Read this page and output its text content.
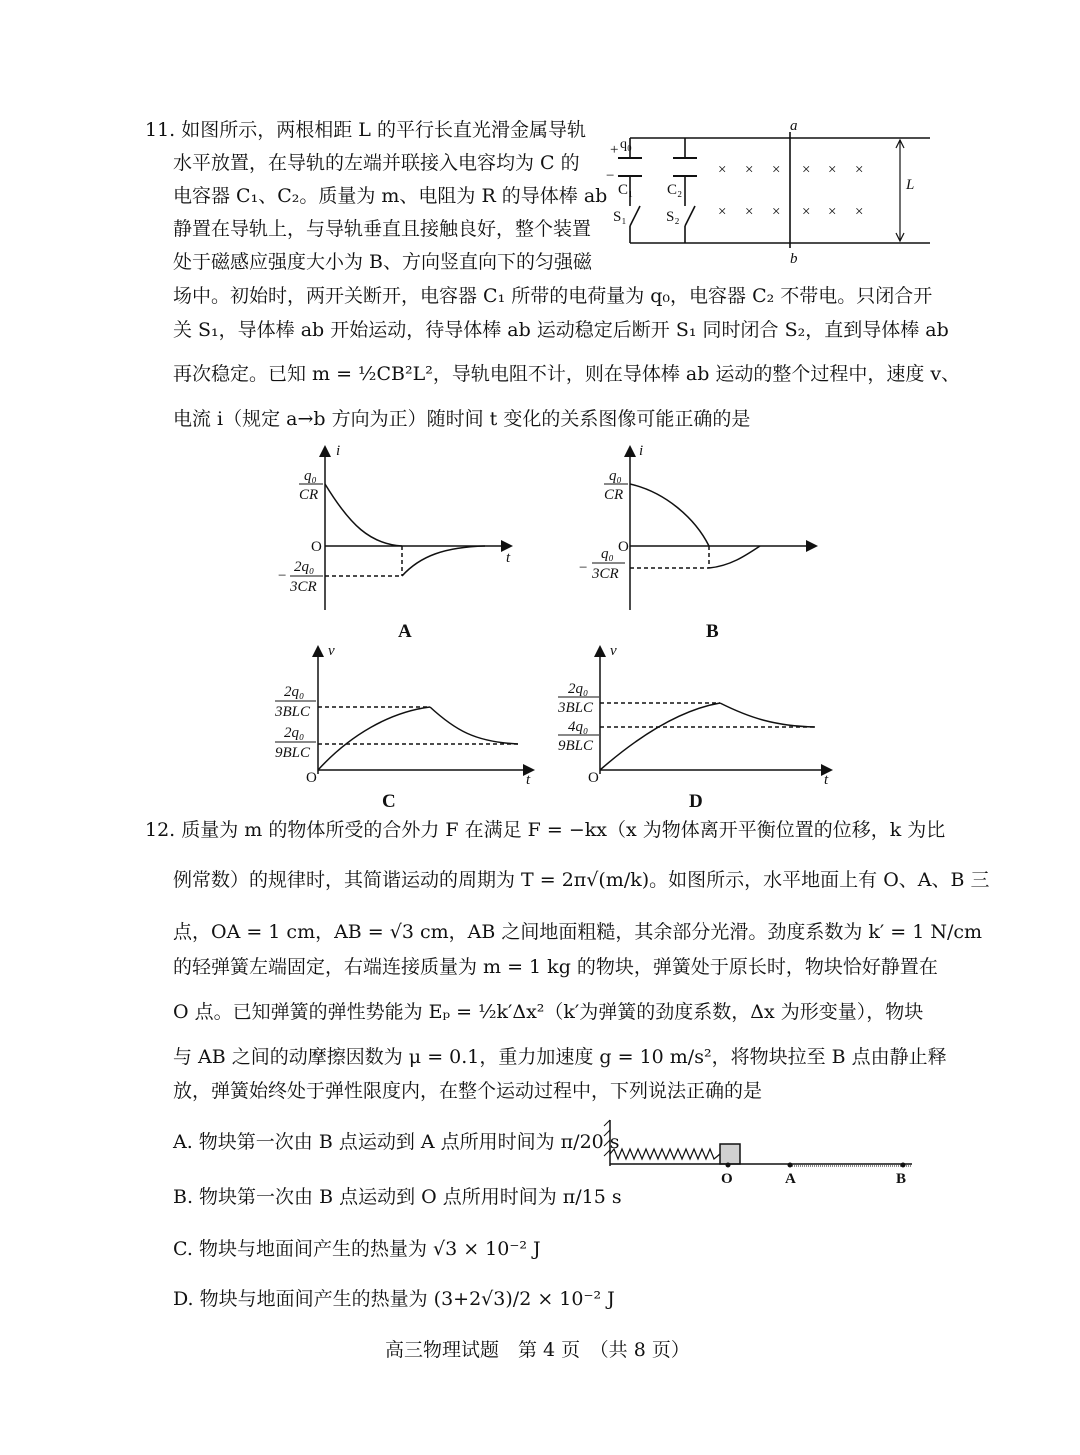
11. 如图所示，两根相距 L 的平行长直光滑金属导轨
水平放置，在导轨的左端并联接入电容均为 C 的
电容器 C₁、C₂。质量为 m、电阻为 R 的导体棒 ab
静置在导轨上，与导轨垂直且接触良好，整个装置
处于磁感应强度大小为 B、方向竖直向下的匀强磁
场中。初始时，两开关断开，电容器 C₁ 所带的电荷量为 q₀，电容器 C₂ 不带电。只闭合开
关 S₁，导体棒 ab 开始运动，待导体棒 ab 运动稳定后断开 S₁ 同时闭合 S₂，直到导体棒 ab
再次稳定。已知 m = ½CB²L²，导轨电阻不计，则在导体棒 ab 运动的整个过程中，速度 v、
电流 i（规定 a→b 方向为正）随时间 t 变化的关系图像可能正确的是
+ q₀
−
C₁ C₂
S₁	S₂
a
b
L
× × × × × ×
× × × × × ×
i
t
O
q₀
CR
−
2q₀
3CR
A
i
O
q₀
CR
−
q₀
3CR
B
v
t
O
2q₀
3BLC
2q₀
9BLC
C
v
t
O
2q₀
3BLC
4q₀
9BLC
D
12. 质量为 m 的物体所受的合外力 F 在满足 F = −kx（x 为物体离开平衡位置的位移，k 为比
例常数）的规律时，其简谐运动的周期为 T = 2π√(m/k)。如图所示，水平地面上有 O、A、B 三
点，OA = 1 cm，AB = √3 cm，AB 之间地面粗糙，其余部分光滑。劲度系数为 k′ = 1 N/cm
的轻弹簧左端固定，右端连接质量为 m = 1 kg 的物块，弹簧处于原长时，物块恰好静置在
O 点。已知弹簧的弹性势能为 Eₚ = ½k′Δx²（k′为弹簧的劲度系数，Δx 为形变量），物块
与 AB 之间的动摩擦因数为 μ = 0.1，重力加速度 g = 10 m/s²，将物块拉至 B 点由静止释
放，弹簧始终处于弹性限度内，在整个运动过程中，下列说法正确的是
A. 物块第一次由 B 点运动到 A 点所用时间为 π/20 s
B. 物块第一次由 B 点运动到 O 点所用时间为 π/15 s
C. 物块与地面间产生的热量为 √3 × 10⁻² J
D. 物块与地面间产生的热量为 (3+2√3)/2 × 10⁻² J
O	A	B
高三物理试题　第 4 页　（共 8 页）
